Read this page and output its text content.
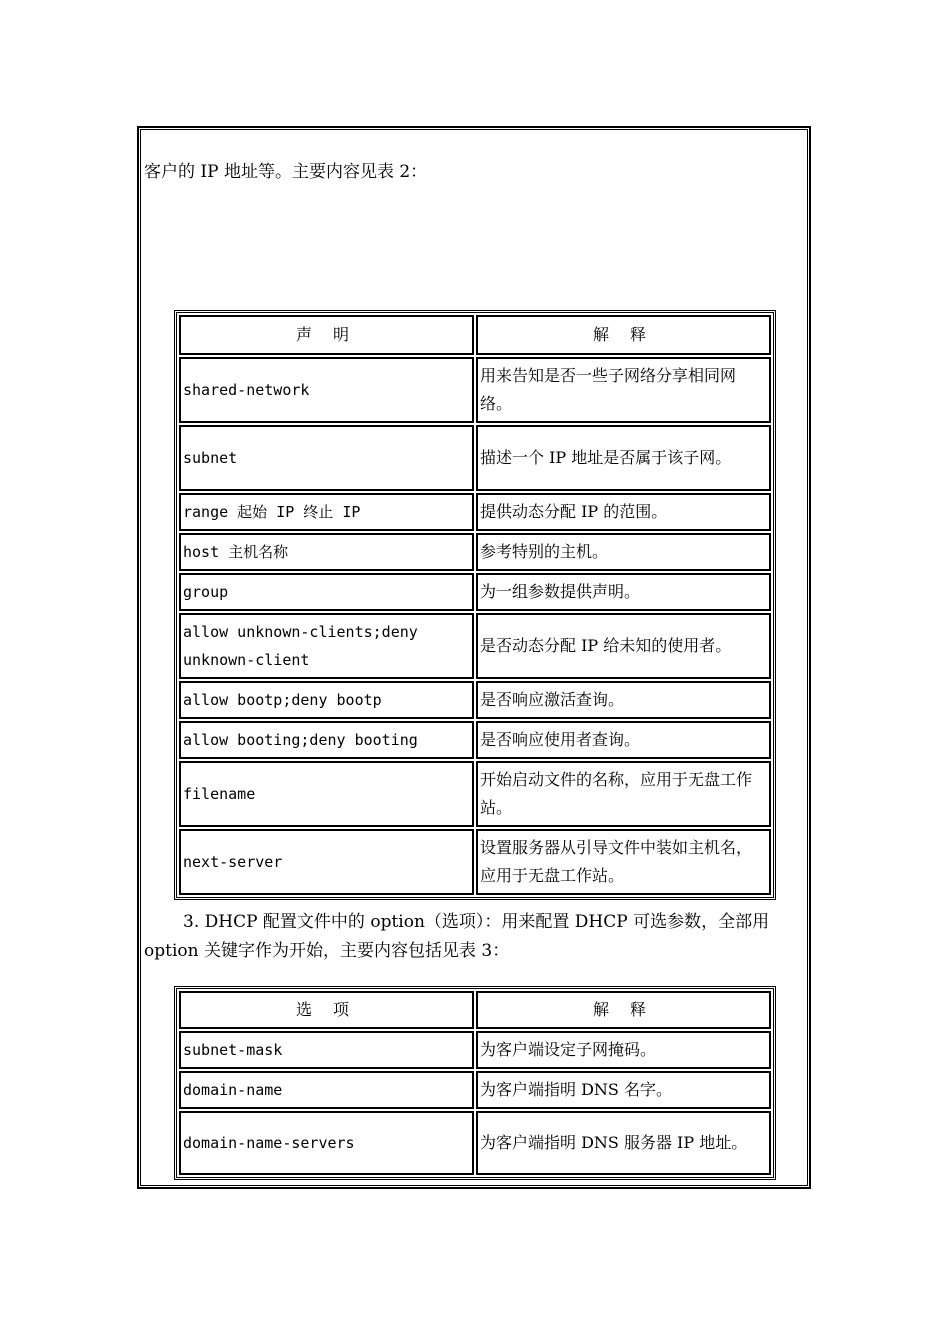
客户的 IP 地址等。主要内容见表 2：

声 明	解 释
shared-network	用来告知是否一些子网络分享相同网络。
subnet	描述一个 IP 地址是否属于该子网。
range 起始 IP 终止 IP	提供动态分配 IP 的范围。
host 主机名称	参考特别的主机。
group	为一组参数提供声明。
allow unknown-clients;deny unknown-client	是否动态分配 IP 给未知的使用者。
allow bootp;deny bootp	是否响应激活查询。
allow booting;deny booting	是否响应使用者查询。
filename	开始启动文件的名称，应用于无盘工作站。
next-server	设置服务器从引导文件中装如主机名，应用于无盘工作站。

3. DHCP 配置文件中的 option（选项）：用来配置 DHCP 可选参数，全部用

option 关键字作为开始，主要内容包括见表 3：

选 项	解 释
subnet-mask	为客户端设定子网掩码。
domain-name	为客户端指明 DNS 名字。
domain-name-servers	为客户端指明 DNS 服务器 IP 地址。
